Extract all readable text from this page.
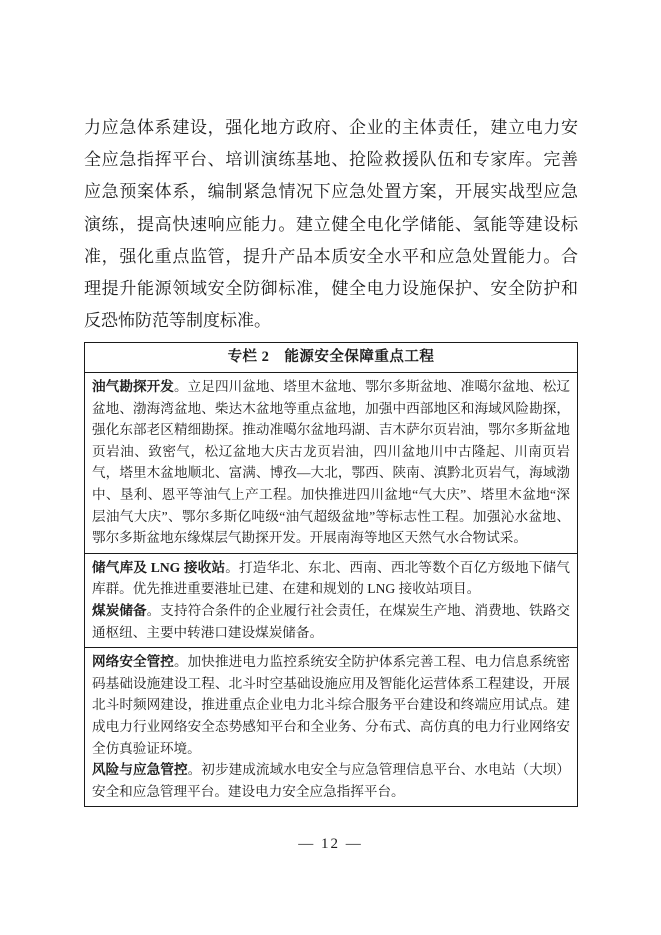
力应急体系建设，强化地方政府、企业的主体责任，建立电力安
全应急指挥平台、培训演练基地、抢险救援队伍和专家库。完善
应急预案体系，编制紧急情况下应急处置方案，开展实战型应急
演练，提高快速响应能力。建立健全电化学储能、氢能等建设标
准，强化重点监管，提升产品本质安全水平和应急处置能力。合
理提升能源领域安全防御标准，健全电力设施保护、安全防护和
反恐怖防范等制度标准。
专栏 2　能源安全保障重点工程

油气勘探开发。立足四川盆地、塔里木盆地、鄂尔多斯盆地、准噶尔盆地、松辽盆地、渤海湾盆地、柴达木盆地等重点盆地，加强中西部地区和海域风险勘探，强化东部老区精细勘探。推动准噶尔盆地玛湖、吉木萨尔页岩油，鄂尔多斯盆地页岩油、致密气，松辽盆地大庆古龙页岩油，四川盆地川中古隆起、川南页岩气，塔里木盆地顺北、富满、博孜—大北，鄂西、陕南、滇黔北页岩气，海域渤中、垦利、恩平等油气上产工程。加快推进四川盆地“气大庆”、塔里木盆地“深层油气大庆”、鄂尔多斯亿吨级“油气超级盆地”等标志性工程。加强沁水盆地、鄂尔多斯盆地东缘煤层气勘探开发。开展南海等地区天然气水合物试采。

储气库及 LNG 接收站。打造华北、东北、西南、西北等数个百亿方级地下储气库群。优先推进重要港址已建、在建和规划的 LNG 接收站项目。

煤炭储备。支持符合条件的企业履行社会责任，在煤炭生产地、消费地、铁路交通枢纽、主要中转港口建设煤炭储备。

网络安全管控。加快推进电力监控系统安全防护体系完善工程、电力信息系统密码基础设施建设工程、北斗时空基础设施应用及智能化运营体系工程建设，开展北斗时频网建设，推进重点企业电力北斗综合服务平台建设和终端应用试点。建成电力行业网络安全态势感知平台和全业务、分布式、高仿真的电力行业网络安全仿真验证环境。

风险与应急管控。初步建成流域水电安全与应急管理信息平台、水电站（大坝）安全和应急管理平台。建设电力安全应急指挥平台。

— 12 —
